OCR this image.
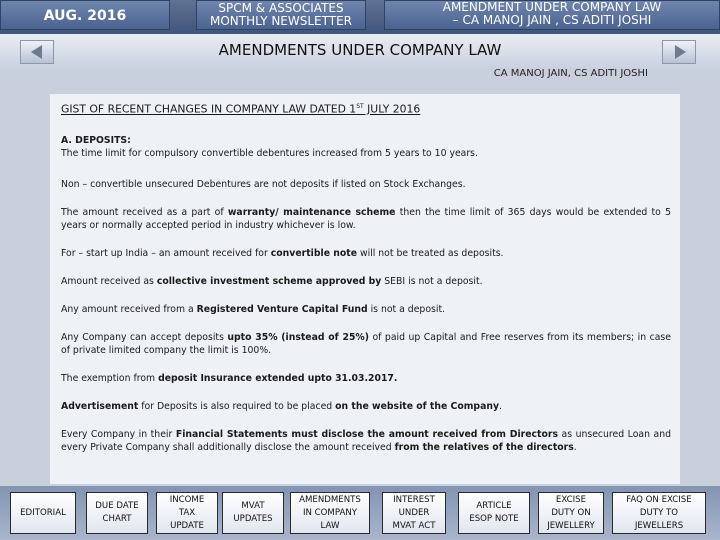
AUG. 2016	SPCM & ASSOCIATES
MONTHLY NEWSLETTER
AMENDMENT UNDER COMPANY LAW
– CA MANOJ JAIN , CS ADITI JOSHI
AMENDMENTS UNDER COMPANY LAW
CA MANOJ JAIN, CS ADITI JOSHI

GIST OF RECENT CHANGES IN COMPANY LAW DATED 1ST JULY 2016

A. DEPOSITS:
The time limit for compulsory convertible debentures increased from 5 years to 10 years.

Non – convertible unsecured Debentures are not deposits if listed on Stock Exchanges.

The amount received as a part of warranty/ maintenance scheme then the time limit of 365 days would be extended to 5 years or normally accepted period in industry whichever is low.

For – start up India – an amount received for convertible note will not be treated as deposits.

Amount received as collective investment scheme approved by SEBI is not a deposit.

Any amount received from a Registered Venture Capital Fund is not a deposit.

Any Company can accept deposits upto 35% (instead of 25%) of paid up Capital and Free reserves from its members; in case of private limited company the limit is 100%.

The exemption from deposit Insurance extended upto 31.03.2017.

Advertisement for Deposits is also required to be placed on the website of the Company.

Every Company in their Financial Statements must disclose the amount received from Directors as unsecured Loan and every Private Company shall additionally disclose the amount received from the relatives of the directors.

EDITORIAL
DUE DATE
CHART
INCOME
TAX
UPDATE
MVAT
UPDATES
AMENDMENTS
IN COMPANY
LAW
INTEREST
UNDER
MVAT ACT
ARTICLE
ESOP NOTE
EXCISE
DUTY ON
JEWELLERY
FAQ ON EXCISE
DUTY TO
JEWELLERS
